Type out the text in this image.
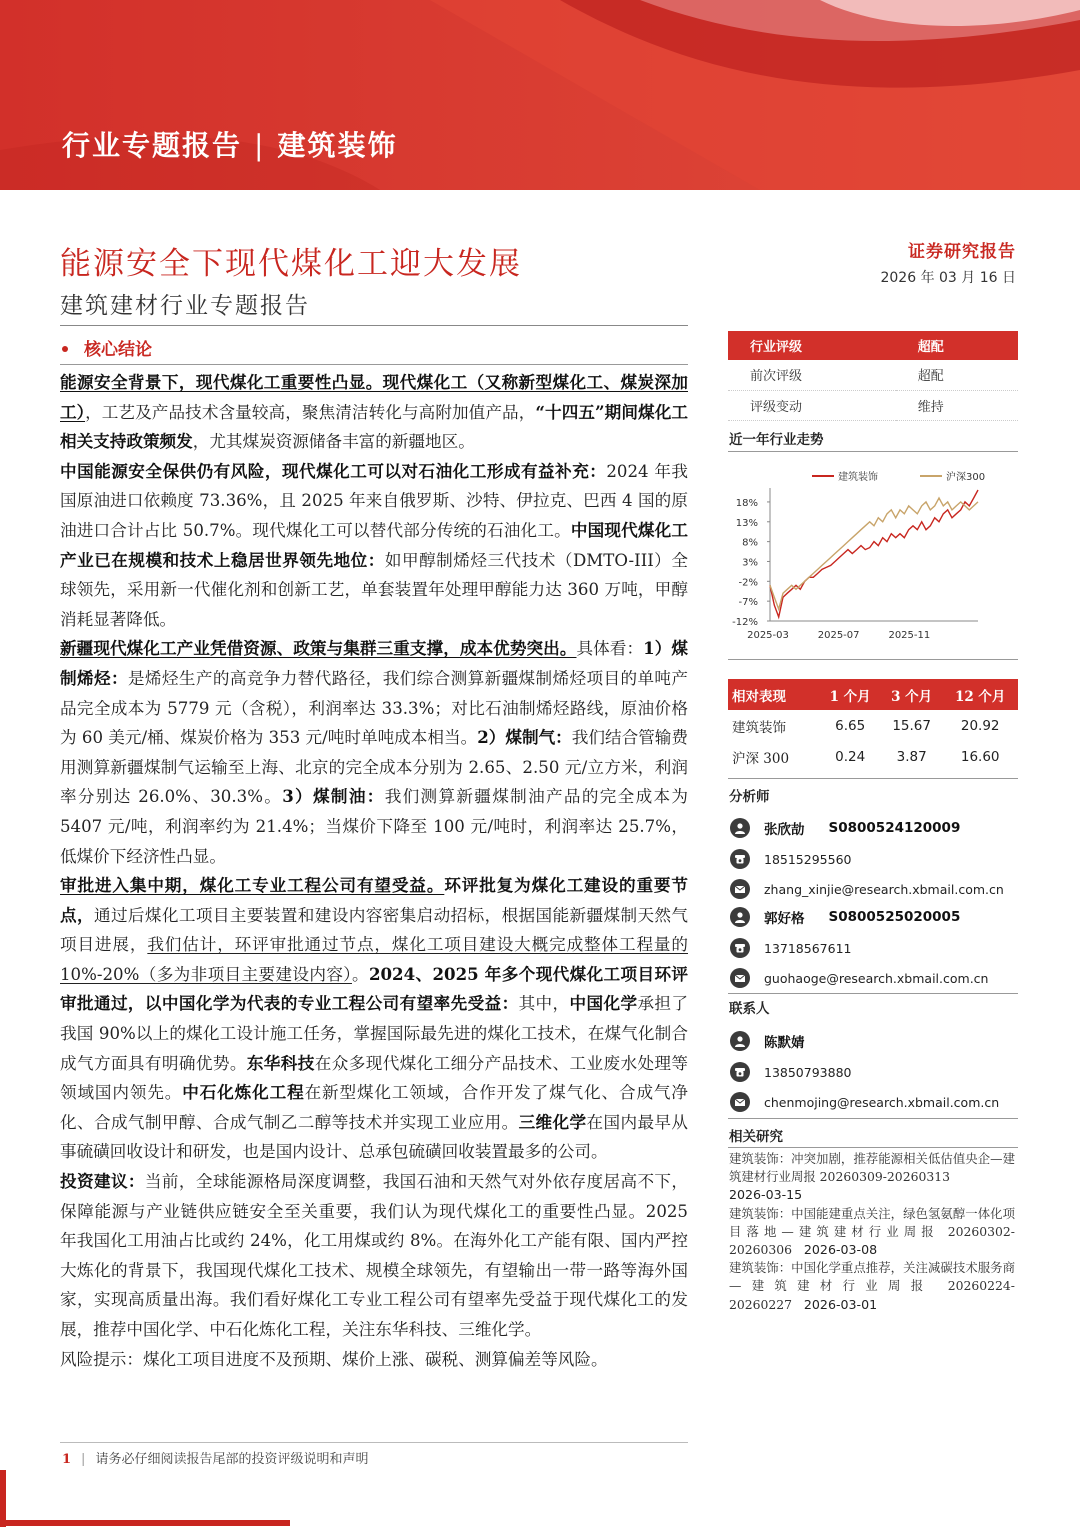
行业专题报告 | 建筑装饰
能源安全下现代煤化工迎大发展
建筑建材行业专题报告
核心结论

能源安全背景下，现代煤化工重要性凸显。现代煤化工（又称新型煤化工、煤炭深加工），工艺及产品技术含量较高，聚焦清洁转化与高附加值产品，“十四五”期间煤化工相关支持政策频发，尤其煤炭资源储备丰富的新疆地区。

中国能源安全保供仍有风险，现代煤化工可以对石油化工形成有益补充：2024 年我国原油进口依赖度 73.36%，且 2025 年来自俄罗斯、沙特、伊拉克、巴西 4 国的原油进口合计占比 50.7%。现代煤化工可以替代部分传统的石油化工。中国现代煤化工产业已在规模和技术上稳居世界领先地位：如甲醇制烯烃三代技术（DMTO-III）全球领先，采用新一代催化剂和创新工艺，单套装置年处理甲醇能力达 360 万吨，甲醇消耗显著降低。

新疆现代煤化工产业凭借资源、政策与集群三重支撑，成本优势突出。具体看：1）煤制烯烃：是烯烃生产的高竞争力替代路径，我们综合测算新疆煤制烯烃项目的单吨产品完全成本为 5779 元（含税），利润率达 33.3%；对比石油制烯烃路线，原油价格为 60 美元/桶、煤炭价格为 353 元/吨时单吨成本相当。2）煤制气：我们结合管输费用测算新疆煤制气运输至上海、北京的完全成本分别为 2.65、2.50 元/立方米，利润率分别达 26.0%、30.3%。3）煤制油：我们测算新疆煤制油产品的完全成本为 5407 元/吨，利润率约为 21.4%；当煤价下降至 100 元/吨时，利润率达 25.7%，低煤价下经济性凸显。

审批进入集中期，煤化工专业工程公司有望受益。环评批复为煤化工建设的重要节点，通过后煤化工项目主要装置和建设内容密集启动招标，根据国能新疆煤制天然气项目进展，我们估计，环评审批通过节点，煤化工项目建设大概完成整体工程量的 10%-20%（多为非项目主要建设内容）。2024、2025 年多个现代煤化工项目环评审批通过，以中国化学为代表的专业工程公司有望率先受益：其中，中国化学承担了我国 90%以上的煤化工设计施工任务，掌握国际最先进的煤化工技术，在煤气化制合成气方面具有明确优势。东华科技在众多现代煤化工细分产品技术、工业废水处理等领域国内领先。中石化炼化工程在新型煤化工领域，合作开发了煤气化、合成气净化、合成气制甲醇、合成气制乙二醇等技术并实现工业应用。三维化学在国内最早从事硫磺回收设计和研发，也是国内设计、总承包硫磺回收装置最多的公司。

投资建议：当前，全球能源格局深度调整，我国石油和天然气对外依存度居高不下，保障能源与产业链供应链安全至关重要，我们认为现代煤化工的重要性凸显。2025 年我国化工用油占比或约 24%，化工用煤或约 8%。在海外化工产能有限、国内严控大炼化的背景下，我国现代煤化工技术、规模全球领先，有望输出一带一路等海外国家，实现高质量出海。我们看好煤化工专业工程公司有望率先受益于现代煤化工的发展，推荐中国化学、中石化炼化工程，关注东华科技、三维化学。

风险提示：煤化工项目进度不及预期、煤价上涨、碳税、测算偏差等风险。

1 | 请务必仔细阅读报告尾部的投资评级说明和声明
证券研究报告
2026 年 03 月 16 日
行业评级	超配
前次评级	超配
评级变动	维持
近一年行业走势
18%
13%
8%
3%
-2%
-7%
-12%
2025-03	2025-07	2025-11
建筑装饰	沪深300
相对表现	1 个月	3 个月	12 个月
建筑装饰	6.65	15.67	20.92
沪深 300	0.24	3.87	16.60
分析师
张欣劼 S0800524120009
18515295560
zhang_xinjie@research.xbmail.com.cn
郭好格 S0800525020005
13718567611
guohaoge@research.xbmail.com.cn
联系人
陈默婧
13850793880
chenmojing@research.xbmail.com.cn
相关研究
建筑装饰：冲突加剧，推荐能源相关低估值央企—建筑建材行业周报 20260309-20260313
2026-03-15
建筑装饰：中国能建重点关注，绿色氢氨醇一体化项目落地—建筑建材行业周报 20260302-20260306 2026-03-08
建筑装饰：中国化学重点推荐，关注减碳技术服务商—建筑建材行业周报 20260224-20260227 2026-03-01
